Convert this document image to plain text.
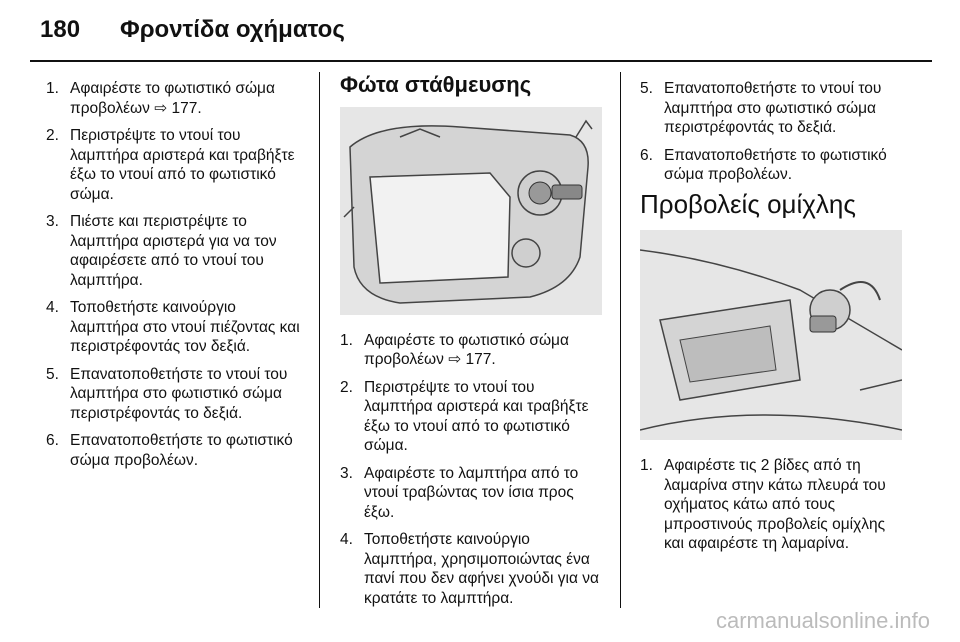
180 Φροντίδα οχήματος
1. Αφαιρέστε το φωτιστικό σώμα προβολέων ⇨ 177.
2. Περιστρέψτε το ντουί του λαμπτήρα αριστερά και τραβήξτε έξω το ντουί από το φωτιστικό σώμα.
3. Πιέστε και περιστρέψτε το λαμπτήρα αριστερά για να τον αφαιρέσετε από το ντουί του λαμπτήρα.
4. Τοποθετήστε καινούργιο λαμπτήρα στο ντουί πιέζοντας και περιστρέφοντάς τον δεξιά.
5. Επανατοποθετήστε το ντουί του λαμπτήρα στο φωτιστικό σώμα περιστρέφοντάς το δεξιά.
6. Επανατοποθετήστε το φωτιστικό σώμα προβολέων.
Φώτα στάθμευσης
1. Αφαιρέστε το φωτιστικό σώμα προβολέων ⇨ 177.
2. Περιστρέψτε το ντουί του λαμπτήρα αριστερά και τραβήξτε έξω το ντουί από το φωτιστικό σώμα.
3. Αφαιρέστε το λαμπτήρα από το ντουί τραβώντας τον ίσια προς έξω.
4. Τοποθετήστε καινούργιο λαμπτήρα, χρησιμοποιώντας ένα πανί που δεν αφήνει χνούδι για να κρατάτε το λαμπτήρα.
5. Επανατοποθετήστε το ντουί του λαμπτήρα στο φωτιστικό σώμα περιστρέφοντάς το δεξιά.
6. Επανατοποθετήστε το φωτιστικό σώμα προβολέων.
Προβολείς ομίχλης
1. Αφαιρέστε τις 2 βίδες από τη λαμαρίνα στην κάτω πλευρά του οχήματος κάτω από τους μπροστινούς προβολείς ομίχλης και αφαιρέστε τη λαμαρίνα.
carmanualsonline.info
